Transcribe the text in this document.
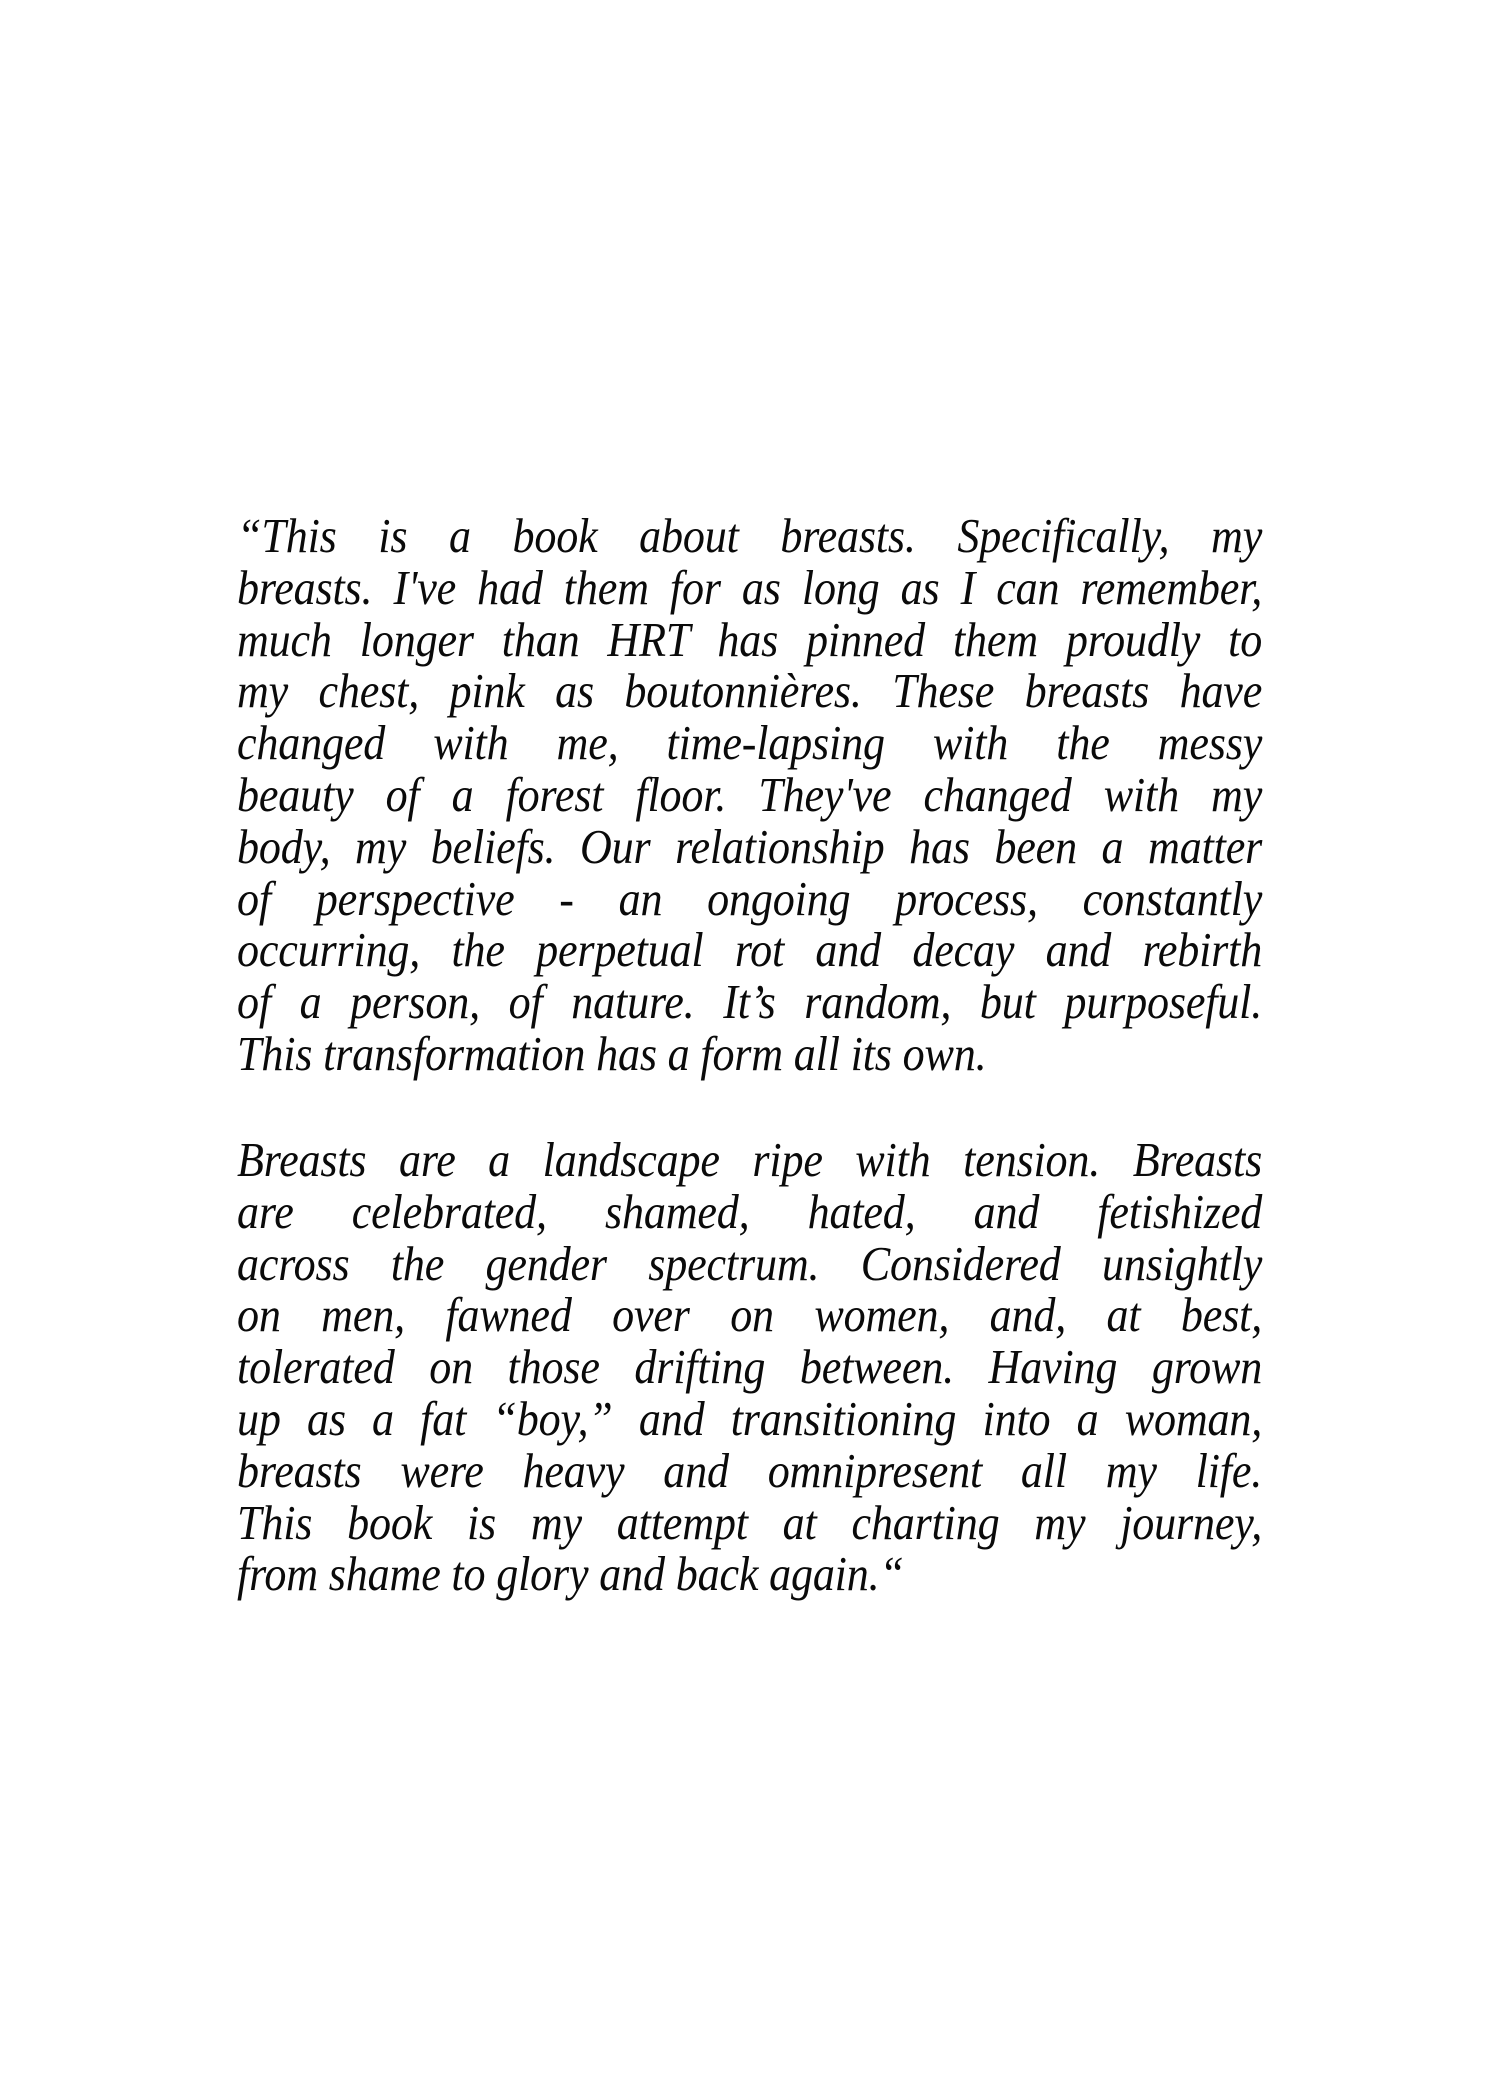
“This is a book about breasts. Specifically, my
breasts. I've had them for as long as I can remember,
much longer than HRT has pinned them proudly to
my chest, pink as boutonnières. These breasts have
changed with me, time-lapsing with the messy
beauty of a forest floor. They've changed with my
body, my beliefs. Our relationship has been a matter
of perspective - an ongoing process, constantly
occurring, the perpetual rot and decay and rebirth
of a person, of nature. It’s random, but purposeful.
This transformation has a form all its own.
Breasts are a landscape ripe with tension. Breasts
are celebrated, shamed, hated, and fetishized
across the gender spectrum. Considered unsightly
on men, fawned over on women, and, at best,
tolerated on those drifting between. Having grown
up as a fat “boy,” and transitioning into a woman,
breasts were heavy and omnipresent all my life.
This book is my attempt at charting my journey,
from shame to glory and back again.“
